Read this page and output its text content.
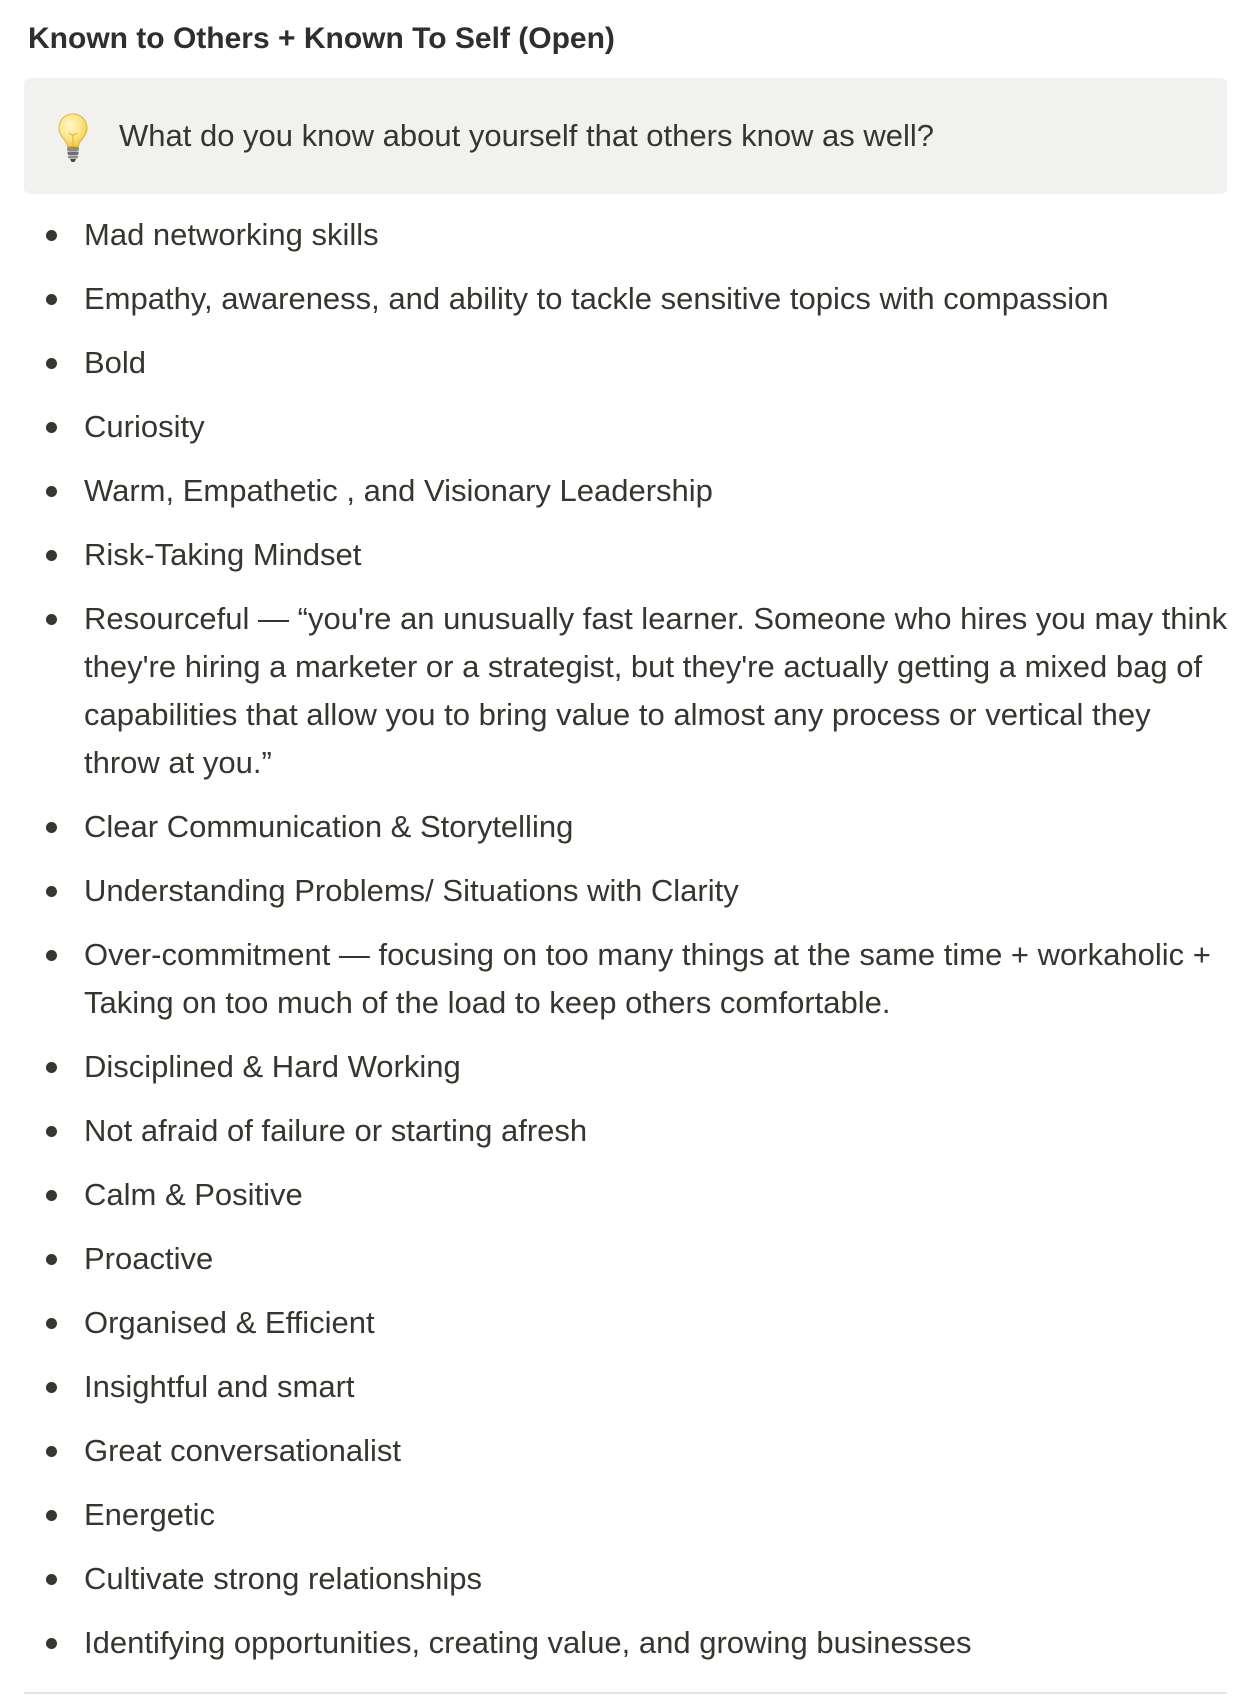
Known to Others + Known To Self (Open)
What do you know about yourself that others know as well?
Mad networking skills
Empathy, awareness, and ability to tackle sensitive topics with compassion
Bold
Curiosity
Warm, Empathetic , and Visionary Leadership
Risk-Taking Mindset
Resourceful — “you're an unusually fast learner. Someone who hires you may think they're hiring a marketer or a strategist, but they're actually getting a mixed bag of capabilities that allow you to bring value to almost any process or vertical they throw at you.”
Clear Communication & Storytelling
Understanding Problems/ Situations with Clarity
Over-commitment — focusing on too many things at the same time + workaholic + Taking on too much of the load to keep others comfortable.
Disciplined & Hard Working
Not afraid of failure or starting afresh
Calm & Positive
Proactive
Organised & Efficient
Insightful and smart
Great conversationalist
Energetic
Cultivate strong relationships
Identifying opportunities, creating value, and growing businesses
